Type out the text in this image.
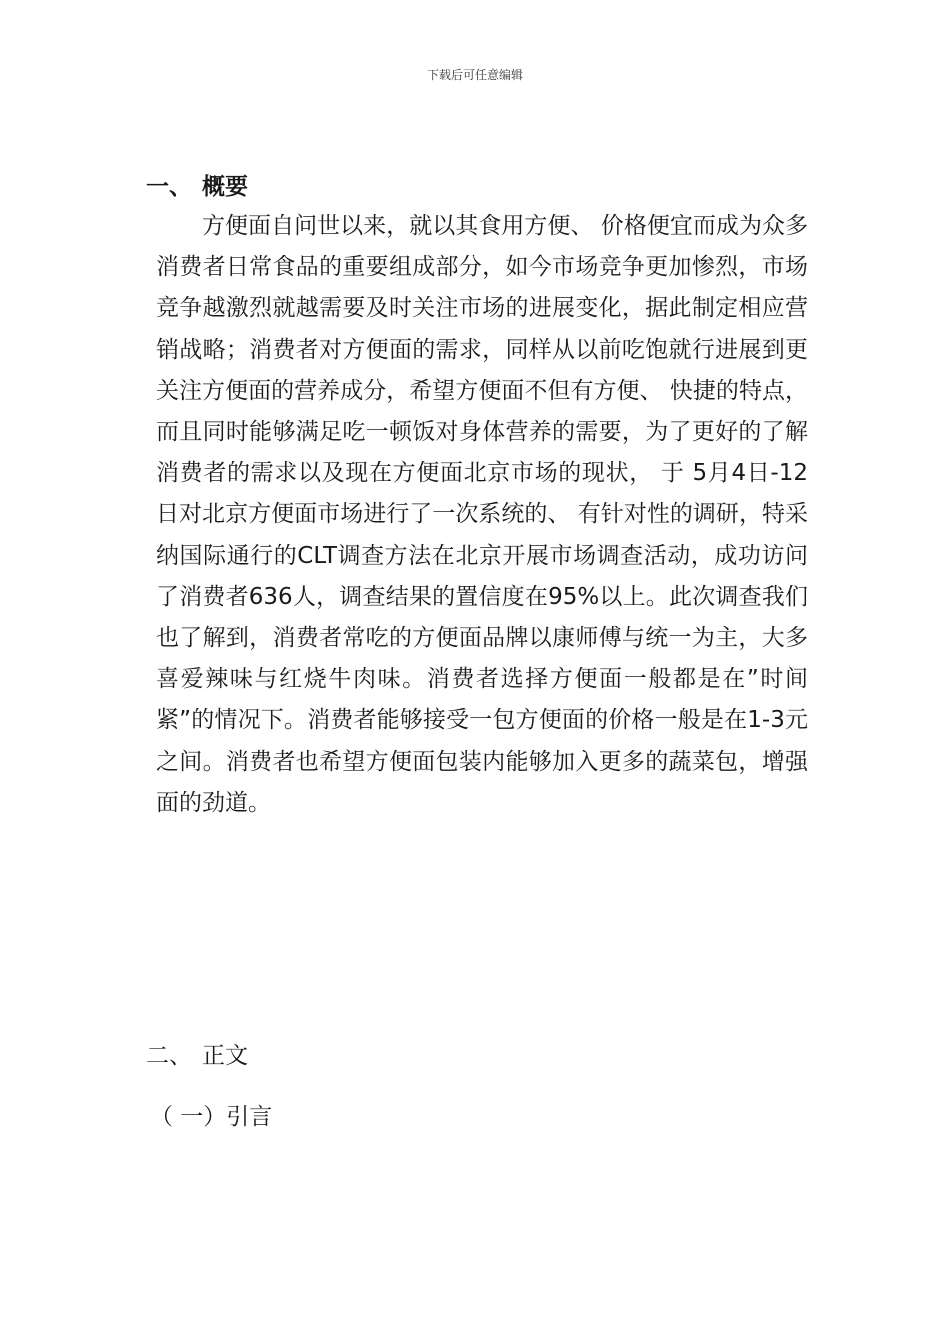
下载后可任意编辑
一、 概要

方便面自问世以来，就以其食用方便、 价格便宜而成为众多消费者日常食品的重要组成部分，如今市场竞争更加惨烈，市场竞争越激烈就越需要及时关注市场的进展变化，据此制定相应营销战略；消费者对方便面的需求，同样从以前吃饱就行进展到更关注方便面的营养成分，希望方便面不但有方便、 快捷的特点，而且同时能够满足吃一顿饭对身体营养的需要，为了更好的了解消费者的需求以及现在方便面北京市场的现状， 于 5月4日-12日对北京方便面市场进行了一次系统的、 有针对性的调研，特采纳国际通行的CLT调查方法在北京开展市场调查活动，成功访问了消费者636人，调查结果的置信度在95%以上。此次调查我们也了解到，消费者常吃的方便面品牌以康师傅与统一为主，大多喜爱辣味与红烧牛肉味。消费者选择方便面一般都是在”时间紧”的情况下。消费者能够接受一包方便面的价格一般是在1-3元之间。消费者也希望方便面包装内能够加入更多的蔬菜包，增强面的劲道。

二、 正文
（ 一）引言
